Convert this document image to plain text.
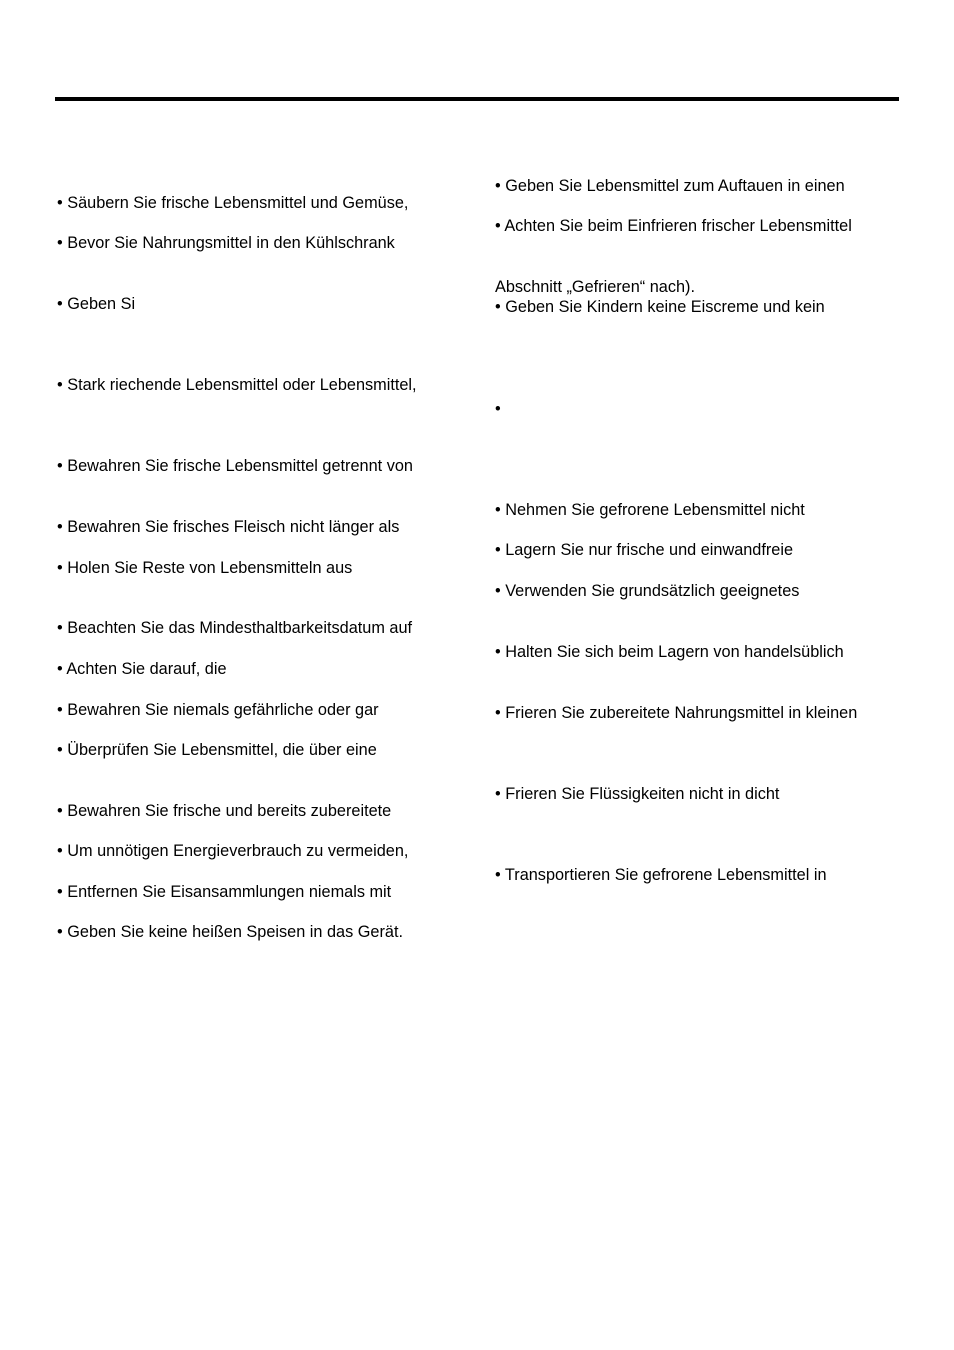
• Säubern Sie frische Lebensmittel und Gemüse,
• Bevor Sie Nahrungsmittel in den Kühlschrank
• Geben Si
• Stark riechende Lebensmittel oder Lebensmittel,
• Bewahren Sie frische Lebensmittel getrennt von
• Bewahren Sie frisches Fleisch nicht länger als
• Holen Sie Reste von Lebensmitteln aus
• Beachten Sie das Mindesthaltbarkeitsdatum auf
• Achten Sie darauf, die
• Bewahren Sie niemals gefährliche oder gar
• Überprüfen Sie Lebensmittel, die über eine
• Bewahren Sie frische und bereits zubereitete
• Um unnötigen Energieverbrauch zu vermeiden,
• Entfernen Sie Eisansammlungen niemals mit
• Geben Sie keine heißen Speisen in das Gerät.
• Geben Sie Lebensmittel zum Auftauen in einen
• Achten Sie beim Einfrieren frischer Lebensmittel
Abschnitt „Gefrieren“ nach).
• Geben Sie Kindern keine Eiscreme und kein
•
• Nehmen Sie gefrorene Lebensmittel nicht
• Lagern Sie nur frische und einwandfreie
• Verwenden Sie grundsätzlich geeignetes
• Halten Sie sich beim Lagern von handelsüblich
• Frieren Sie zubereitete Nahrungsmittel in kleinen
• Frieren Sie Flüssigkeiten nicht in dicht
• Transportieren Sie gefrorene Lebensmittel in
